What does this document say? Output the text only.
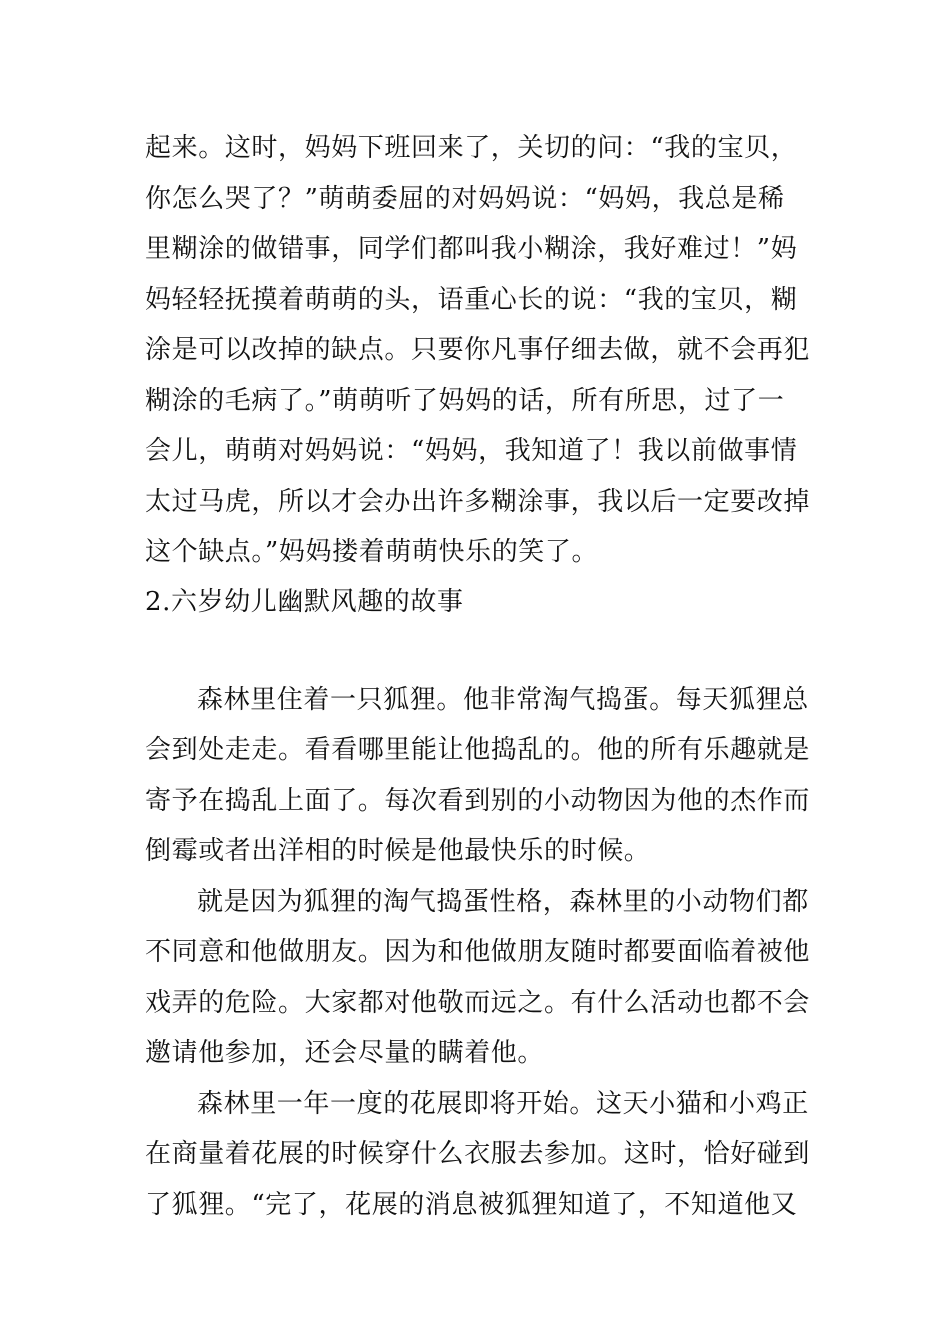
起来。这时，妈妈下班回来了，关切的问：“我的宝贝，
你怎么哭了？”萌萌委屈的对妈妈说：“妈妈，我总是稀
里糊涂的做错事，同学们都叫我小糊涂，我好难过！”妈
妈轻轻抚摸着萌萌的头，语重心长的说：“我的宝贝，糊
涂是可以改掉的缺点。只要你凡事仔细去做，就不会再犯
糊涂的毛病了。”萌萌听了妈妈的话，所有所思，过了一
会儿，萌萌对妈妈说：“妈妈，我知道了！我以前做事情
太过马虎，所以才会办出许多糊涂事，我以后一定要改掉
这个缺点。”妈妈搂着萌萌快乐的笑了。
2.六岁幼儿幽默风趣的故事
森林里住着一只狐狸。他非常淘气捣蛋。每天狐狸总
会到处走走。看看哪里能让他捣乱的。他的所有乐趣就是
寄予在捣乱上面了。每次看到别的小动物因为他的杰作而
倒霉或者出洋相的时候是他最快乐的时候。
就是因为狐狸的淘气捣蛋性格，森林里的小动物们都
不同意和他做朋友。因为和他做朋友随时都要面临着被他
戏弄的危险。大家都对他敬而远之。有什么活动也都不会
邀请他参加，还会尽量的瞒着他。
森林里一年一度的花展即将开始。这天小猫和小鸡正
在商量着花展的时候穿什么衣服去参加。这时，恰好碰到
了狐狸。“完了，花展的消息被狐狸知道了，不知道他又
